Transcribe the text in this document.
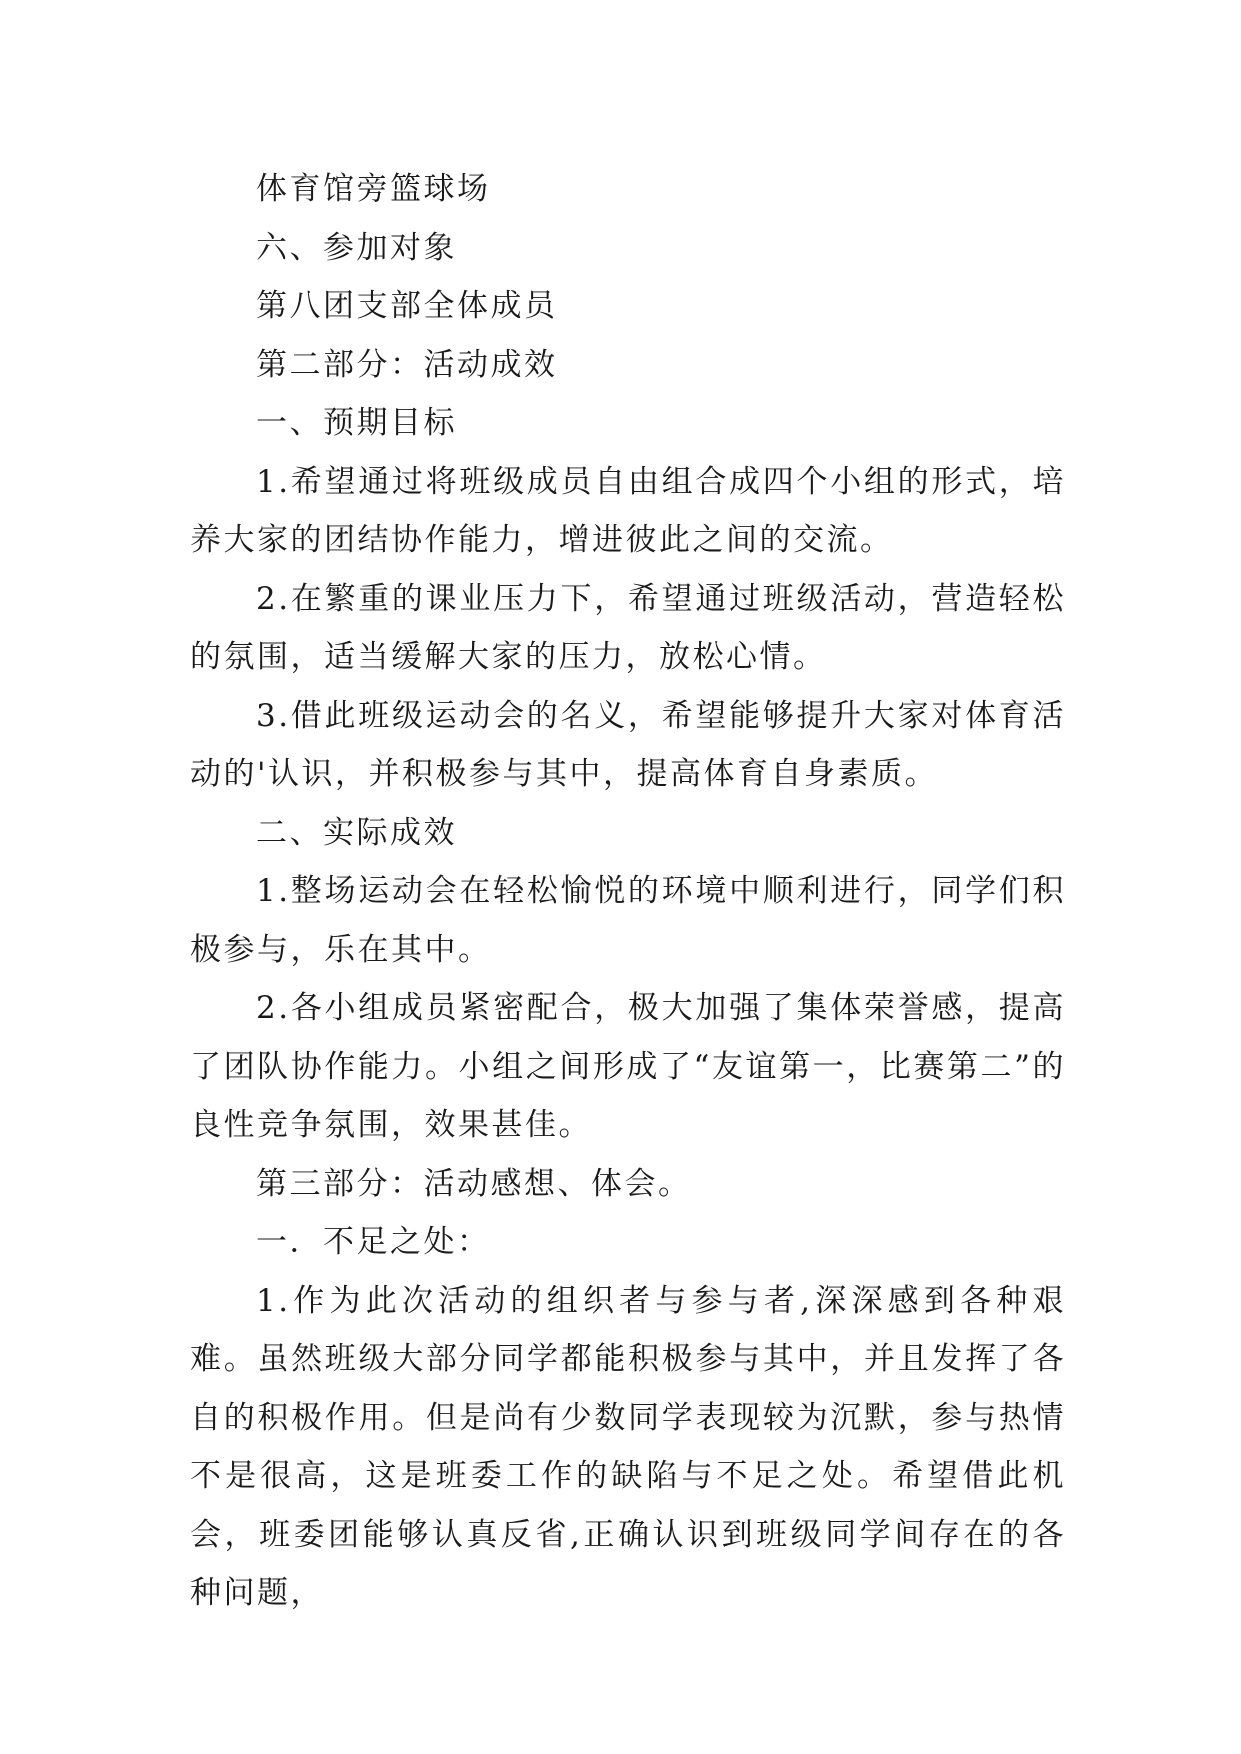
体育馆旁篮球场

六、参加对象

第八团支部全体成员

第二部分：活动成效

一、预期目标

1.希望通过将班级成员自由组合成四个小组的形式，培养大家的团结协作能力，增进彼此之间的交流。

2.在繁重的课业压力下，希望通过班级活动，营造轻松的氛围，适当缓解大家的压力，放松心情。

3.借此班级运动会的名义，希望能够提升大家对体育活动的'认识，并积极参与其中，提高体育自身素质。

二、实际成效

1.整场运动会在轻松愉悦的环境中顺利进行，同学们积极参与，乐在其中。

2.各小组成员紧密配合，极大加强了集体荣誉感，提高了团队协作能力。小组之间形成了“友谊第一，比赛第二”的良性竞争氛围，效果甚佳。

第三部分：活动感想、体会。

一．不足之处：

1.作为此次活动的组织者与参与者,深深感到各种艰难。虽然班级大部分同学都能积极参与其中，并且发挥了各自的积极作用。但是尚有少数同学表现较为沉默，参与热情不是很高，这是班委工作的缺陷与不足之处。希望借此机会，班委团能够认真反省,正确认识到班级同学间存在的各种问题，
